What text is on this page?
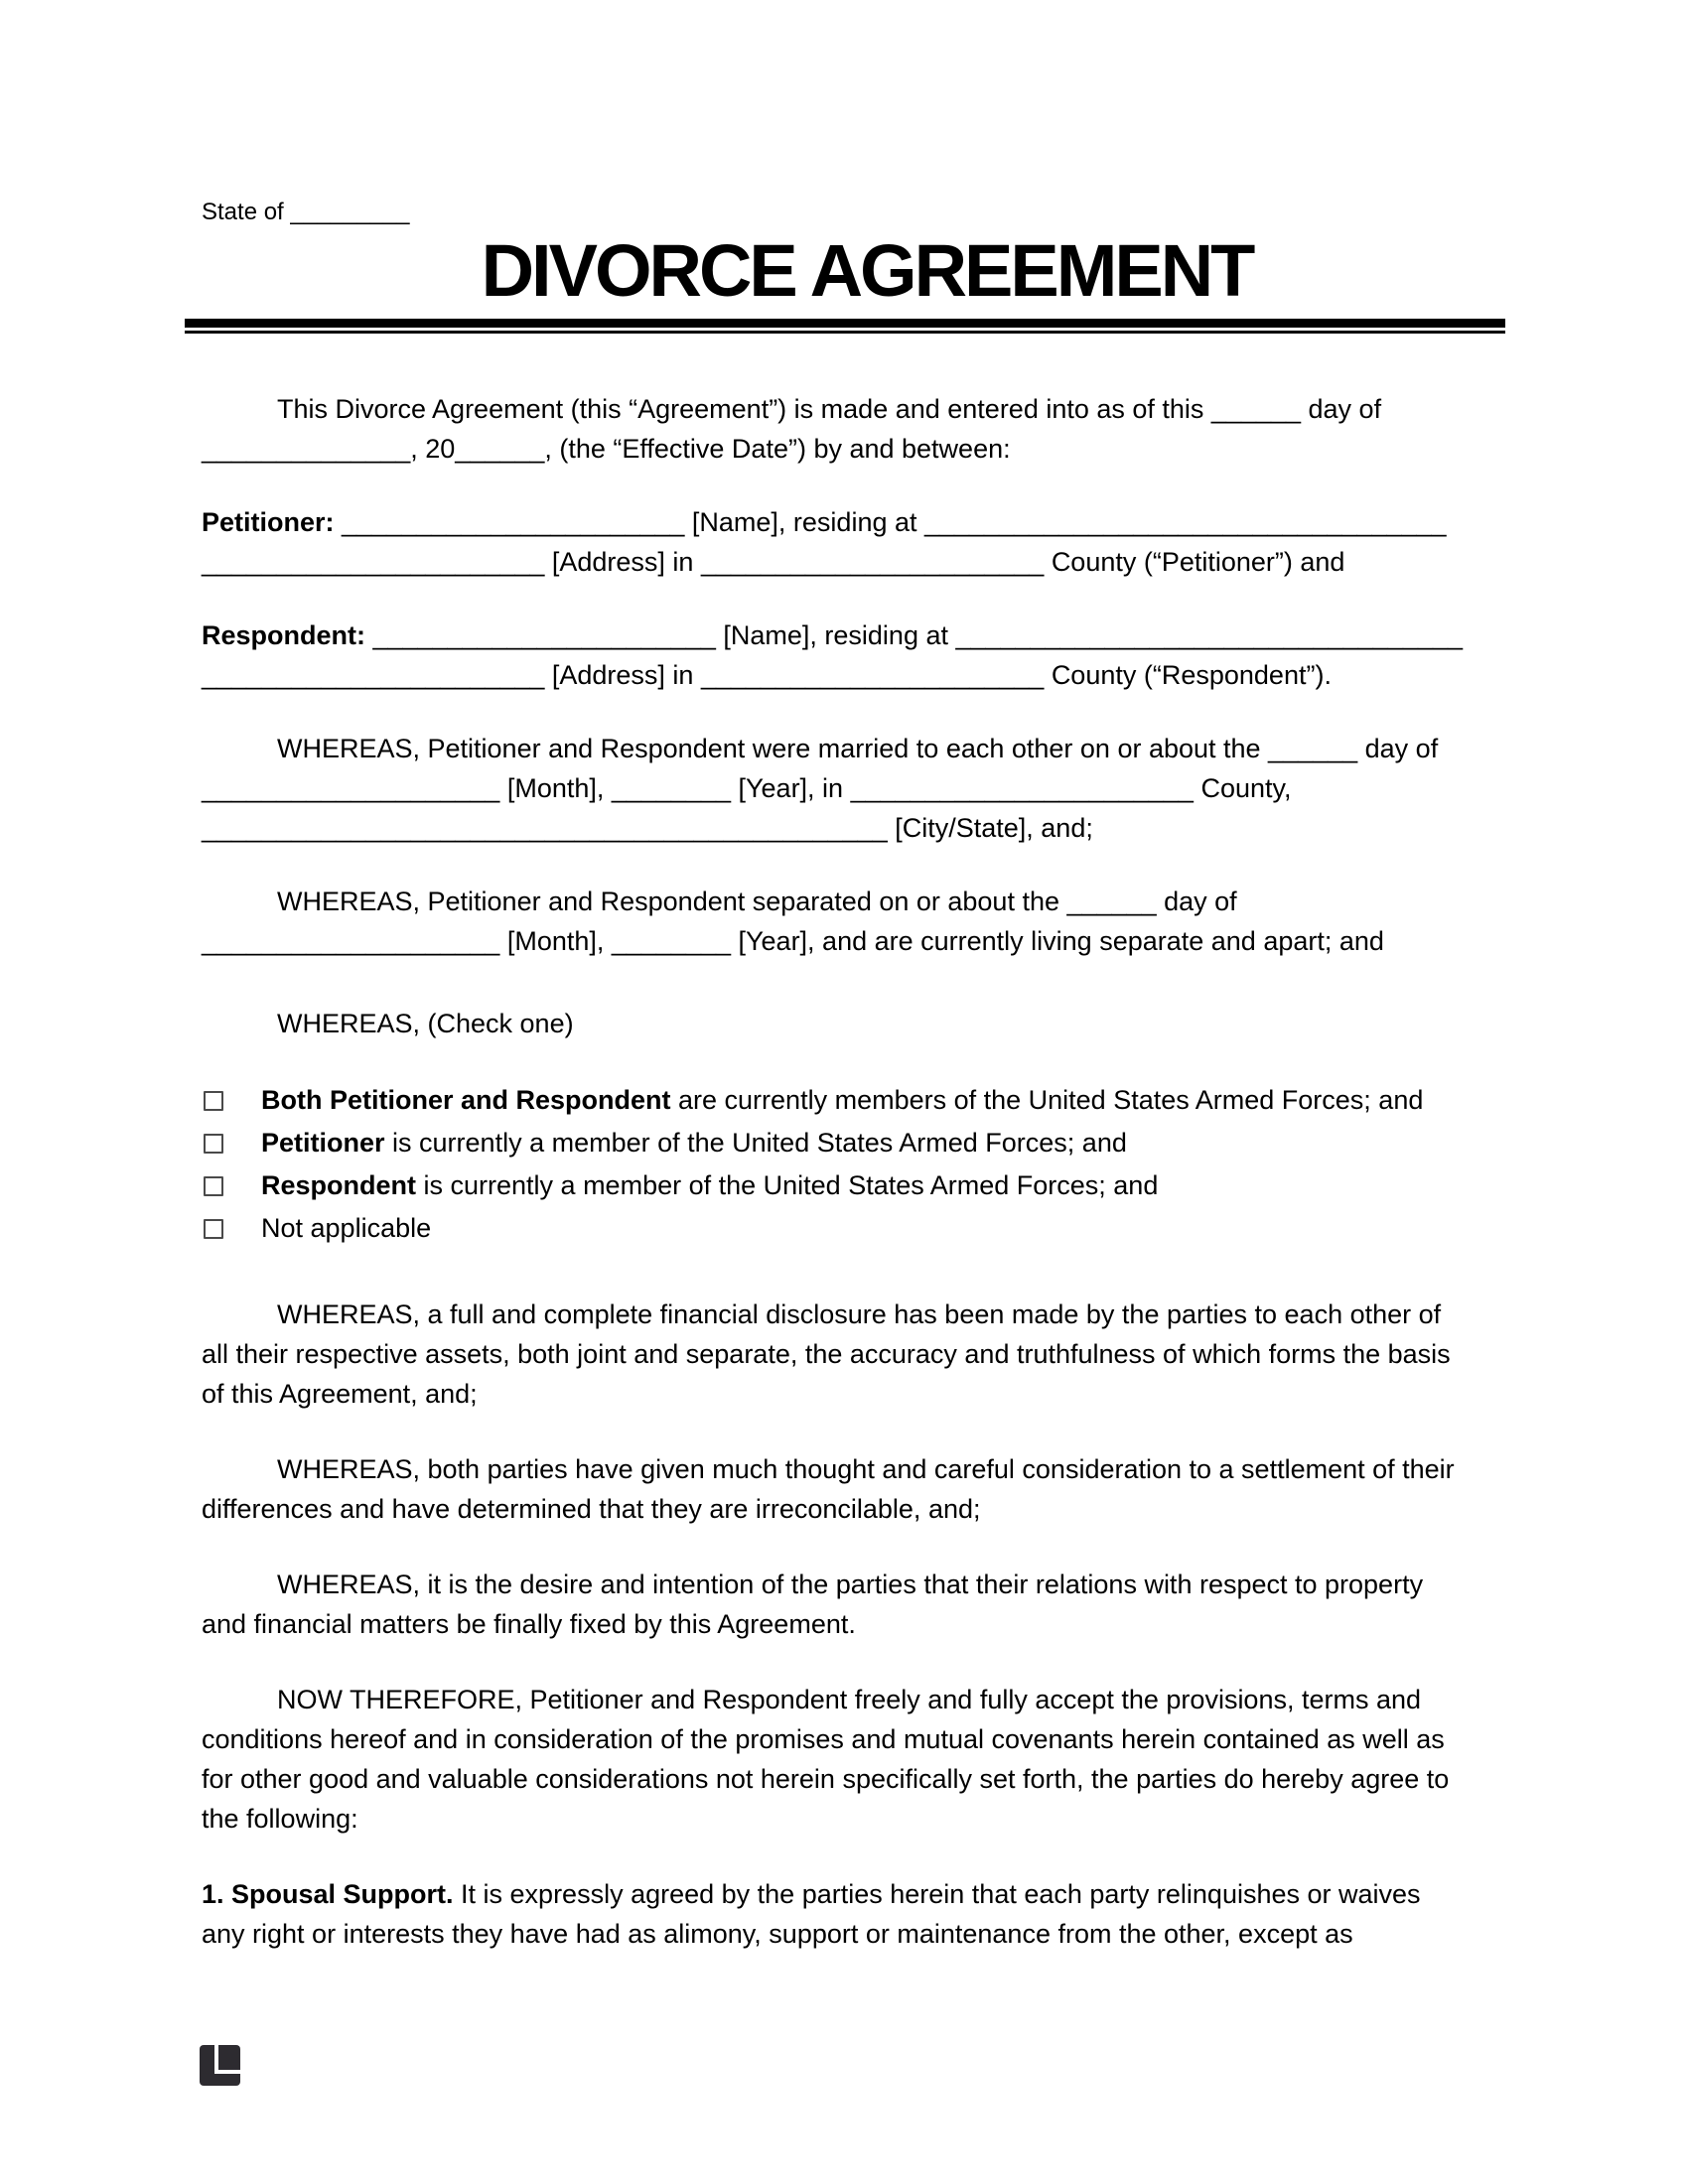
State of _________
DIVORCE AGREEMENT
This Divorce Agreement (this “Agreement”) is made and entered into as of this ______ day of
______________, 20______, (the “Effective Date”) by and between:
Petitioner: _______________________ [Name], residing at ___________________________________
_______________________ [Address] in _______________________ County (“Petitioner”) and
Respondent: _______________________ [Name], residing at __________________________________
_______________________ [Address] in _______________________ County (“Respondent”).
WHEREAS, Petitioner and Respondent were married to each other on or about the ______ day of
____________________ [Month], ________ [Year], in _______________________ County,
______________________________________________ [City/State], and;
WHEREAS, Petitioner and Respondent separated on or about the ______ day of
____________________ [Month], ________ [Year], and are currently living separate and apart; and
WHEREAS, (Check one)
Both Petitioner and Respondent are currently members of the United States Armed Forces; and
Petitioner is currently a member of the United States Armed Forces; and
Respondent is currently a member of the United States Armed Forces; and
Not applicable
WHEREAS, a full and complete financial disclosure has been made by the parties to each other of
all their respective assets, both joint and separate, the accuracy and truthfulness of which forms the basis
of this Agreement, and;
WHEREAS, both parties have given much thought and careful consideration to a settlement of their
differences and have determined that they are irreconcilable, and;
WHEREAS, it is the desire and intention of the parties that their relations with respect to property
and financial matters be finally fixed by this Agreement.
NOW THEREFORE, Petitioner and Respondent freely and fully accept the provisions, terms and
conditions hereof and in consideration of the promises and mutual covenants herein contained as well as
for other good and valuable considerations not herein specifically set forth, the parties do hereby agree to
the following:
1. Spousal Support. It is expressly agreed by the parties herein that each party relinquishes or waives
any right or interests they have had as alimony, support or maintenance from the other, except as
